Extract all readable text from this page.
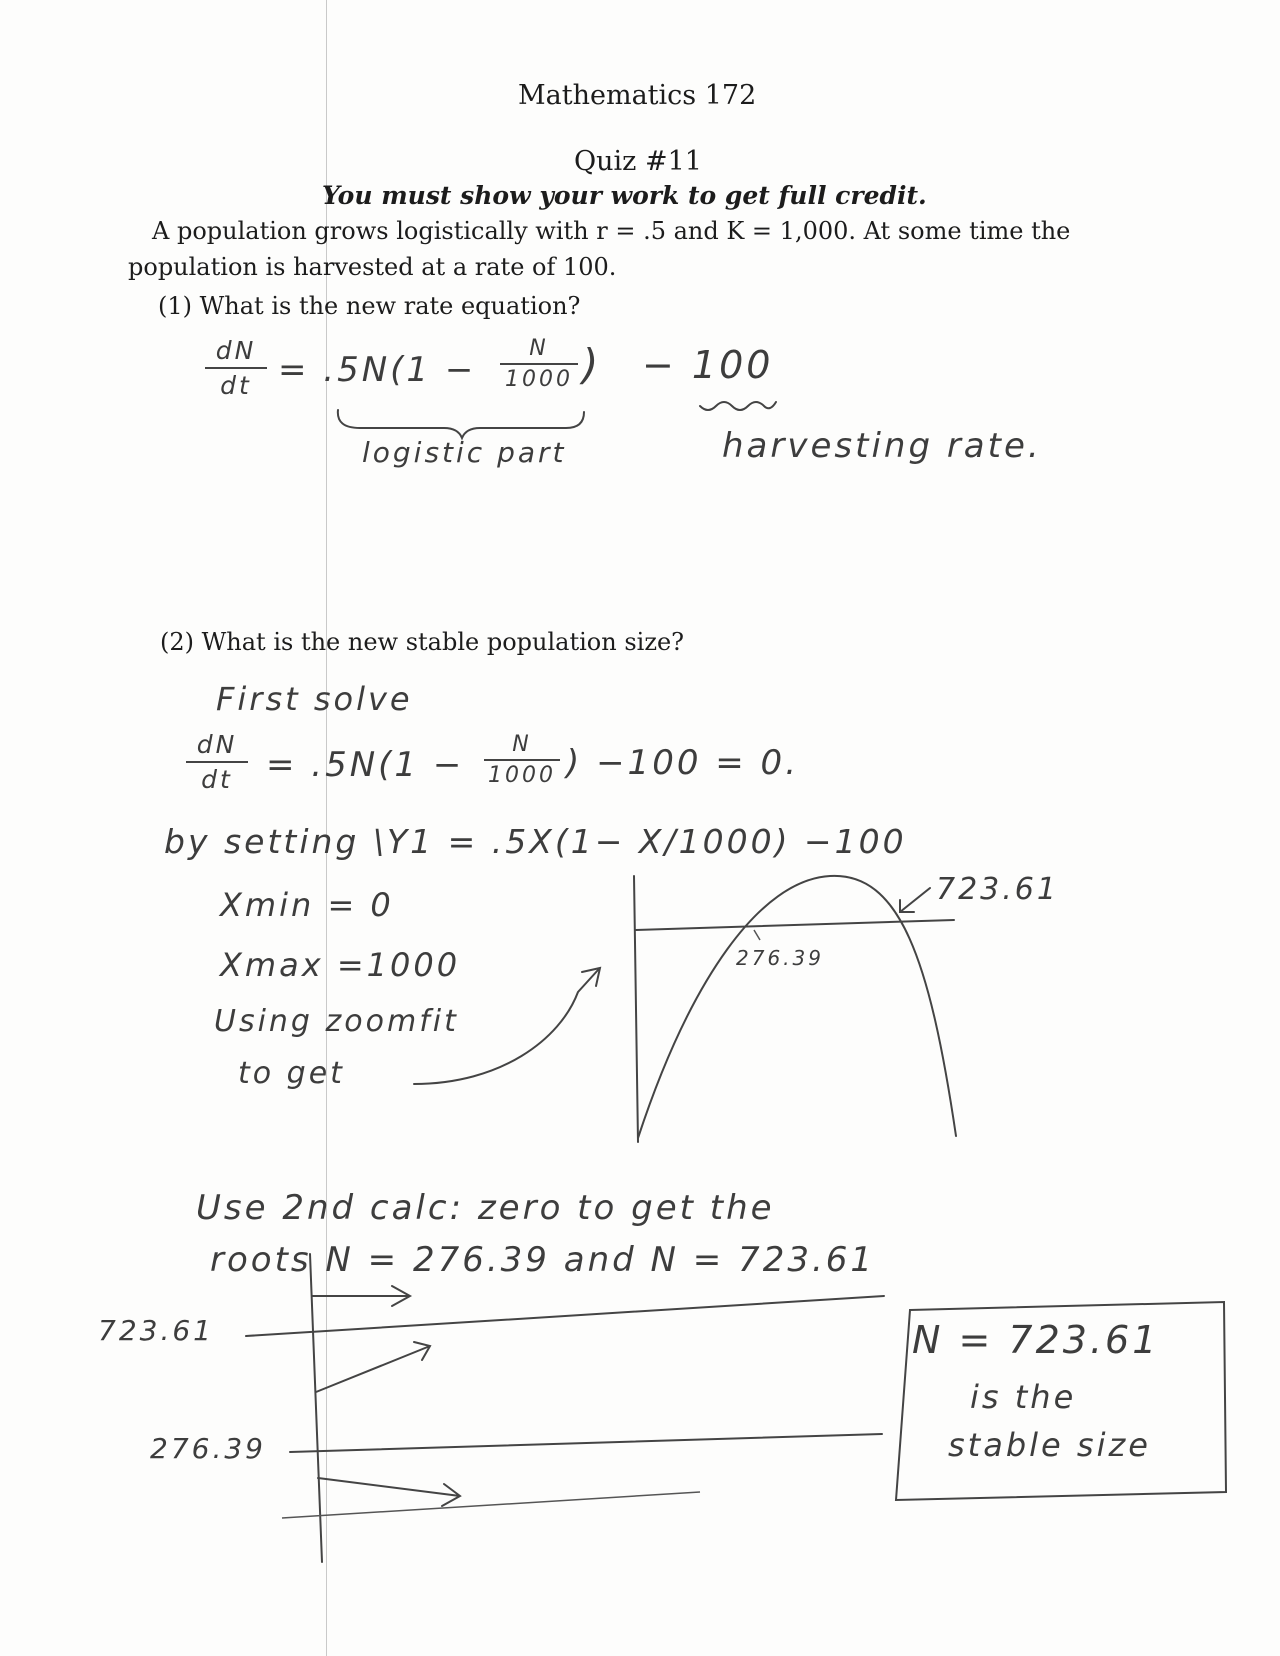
Mathematics 172
Quiz #11
You must show your work to get full credit.
A population grows logistically with r = .5 and K = 1,000. At some time the
population is harvested at a rate of 100.
(1) What is the new rate equation?
dN
dt = .5N(1 −
N
1000 ) − 100
logistic part	harvesting rate.
(2) What is the new stable population size?
First solve
dN
dt = .5N(1 −
N
1000 ) −100 = 0.
by setting \Y1 = .5X(1− X/1000) −100
Xmin = 0
Xmax =1000
Using zoomfit
to get
723.61
276.39
Use 2nd calc: zero to get the
roots N = 276.39 and N = 723.61
723.61
276.39
N = 723.61
is the
stable size
